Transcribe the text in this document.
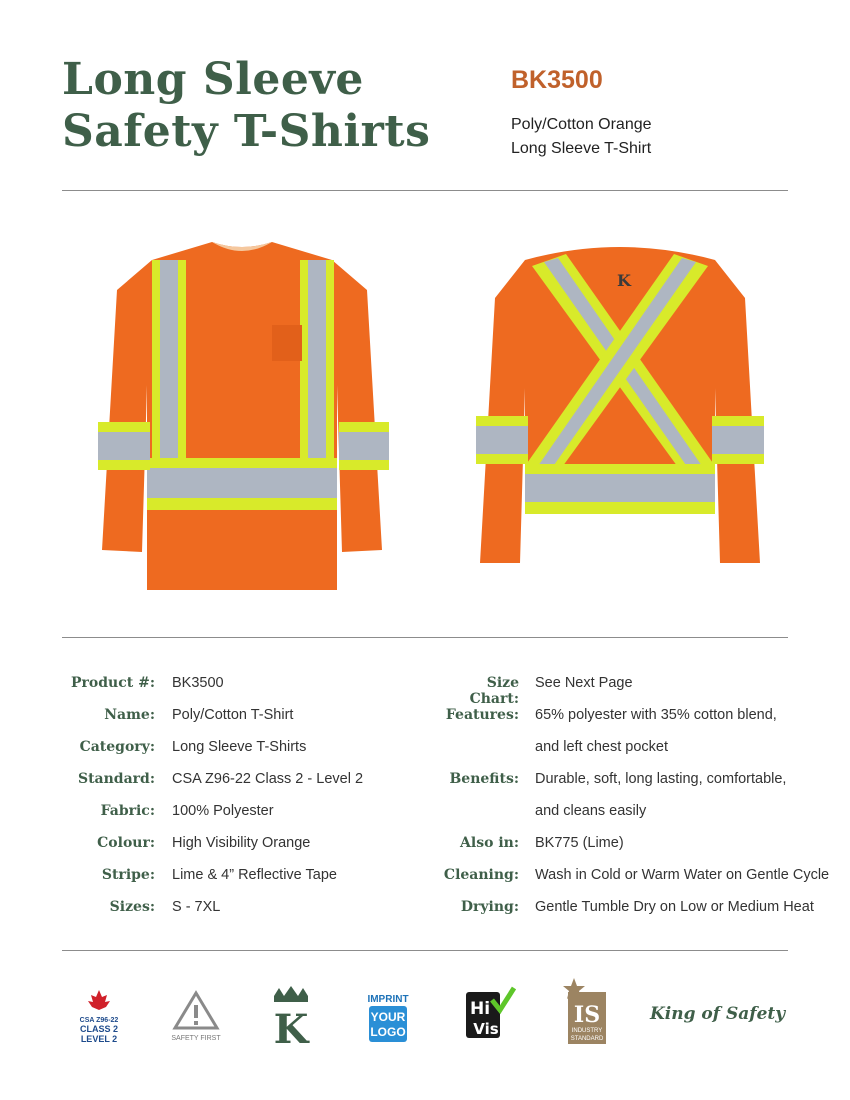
Long Sleeve
Safety T-Shirts
BK3500
Poly/Cotton Orange
Long Sleeve T-Shirt
K
Product #: BK3500
Name: Poly/Cotton T-Shirt
Category: Long Sleeve T-Shirts
Standard: CSA Z96-22 Class 2 - Level 2
Fabric: 100% Polyester
Colour: High Visibility Orange
Stripe: Lime & 4” Reflective Tape
Sizes: S - 7XL
Size Chart:
See Next Page
Features: 65% polyester with 35% cotton blend,
and left chest pocket
Benefits: Durable, soft, long lasting, comfortable,
and cleans easily
Also in: BK775 (Lime)
Cleaning: Wash in Cold or Warm Water on Gentle Cycle
Drying: Gentle Tumble Dry on Low or Medium Heat
CSA Z96-22
CLASS 2
LEVEL 2	SAFETY FIRST K
IMPRINT
YOUR
LOGO
Hi
Vis
IS
INDUSTRY
STANDARD
King of Safety
